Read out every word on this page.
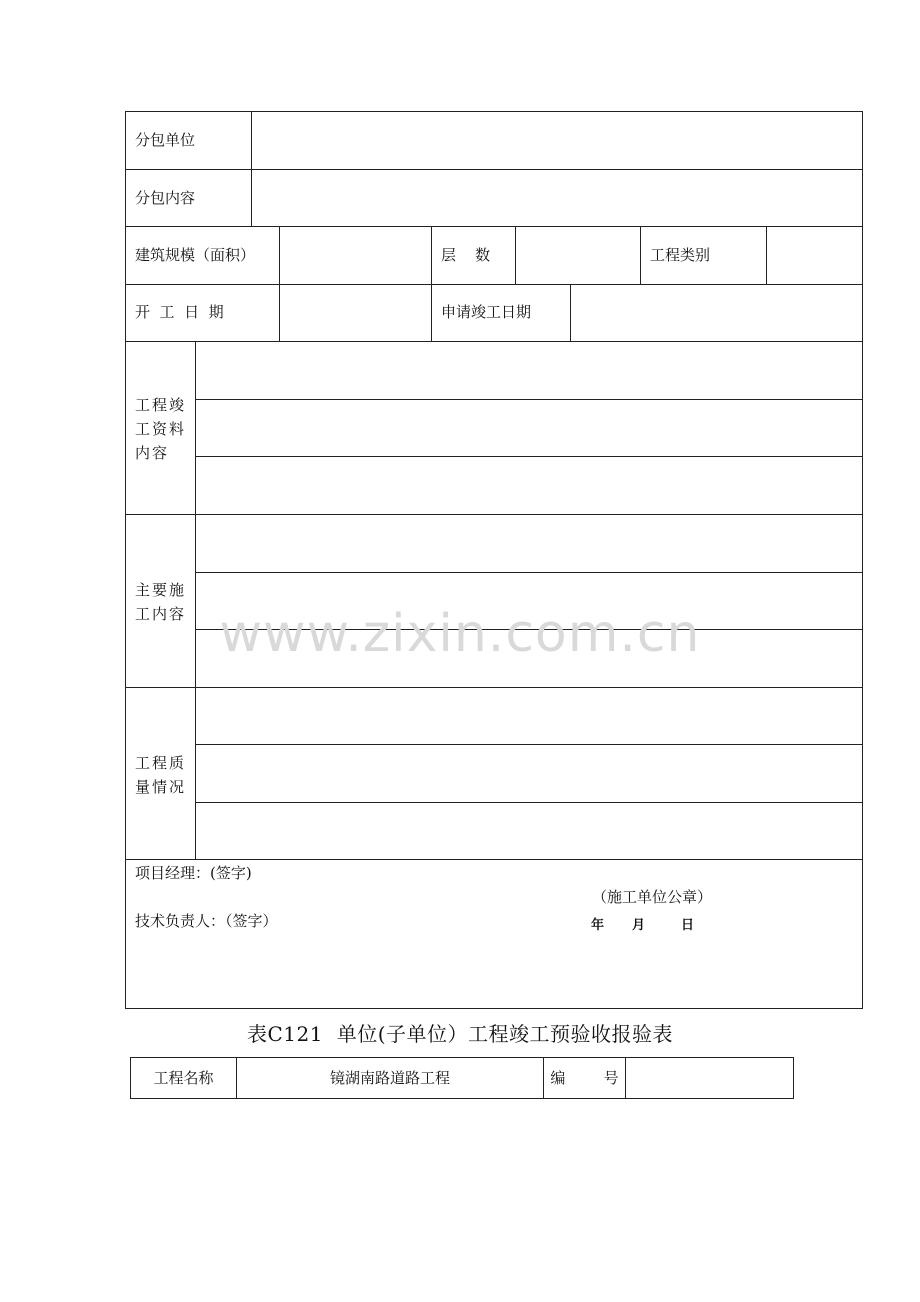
分包单位
分包内容
建筑规模（面积）	层    数	工程类别
开  工  日  期	申请竣工日期
工程竣工资料内容
主要施工内容
工程质量情况
项目经理：(签字)
（施工单位公章）
技术负责人：（签字）	年 月	日
www.zixin.com.cn
表C121  单位(子单位）工程竣工预验收报验表
工程名称	镜湖南路道路工程	编        号
